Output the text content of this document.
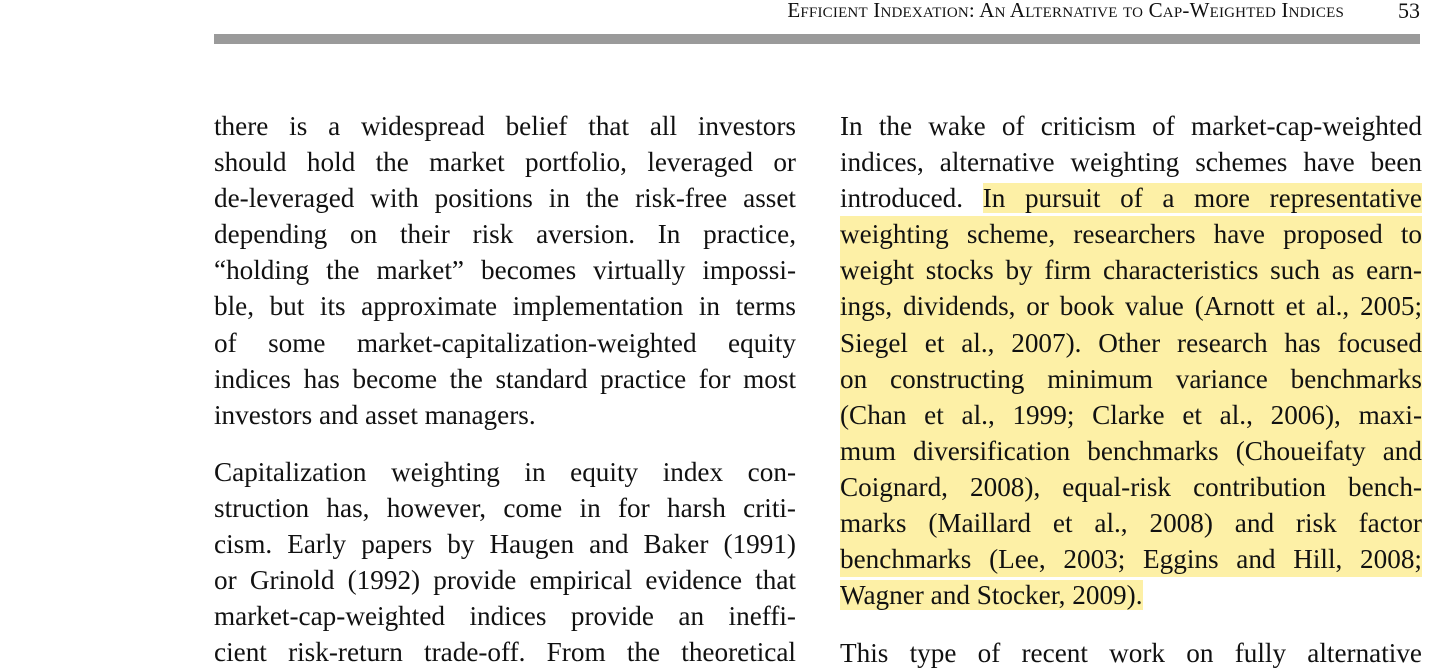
Efficient Indexation: An Alternative to Cap-Weighted Indices 53
there is a widespread belief that all investors
should hold the market portfolio, leveraged or
de-leveraged with positions in the risk-free asset
depending on their risk aversion. In practice,
“holding the market” becomes virtually impossi-
ble, but its approximate implementation in terms
of some market-capitalization-weighted equity
indices has become the standard practice for most
investors and asset managers.
Capitalization weighting in equity index con-
struction has, however, come in for harsh criti-
cism. Early papers by Haugen and Baker (1991)
or Grinold (1992) provide empirical evidence that
market-cap-weighted indices provide an ineffi-
cient risk-return trade-off. From the theoretical
In the wake of criticism of market-cap-weighted
indices, alternative weighting schemes have been
introduced. In pursuit of a more representative
weighting scheme, researchers have proposed to
weight stocks by firm characteristics such as earn-
ings, dividends, or book value (Arnott et al., 2005;
Siegel et al., 2007). Other research has focused
on constructing minimum variance benchmarks
(Chan et al., 1999; Clarke et al., 2006), maxi-
mum diversification benchmarks (Choueifaty and
Coignard, 2008), equal-risk contribution bench-
marks (Maillard et al., 2008) and risk factor
benchmarks (Lee, 2003; Eggins and Hill, 2008;
Wagner and Stocker, 2009).
This type of recent work on fully alternative
